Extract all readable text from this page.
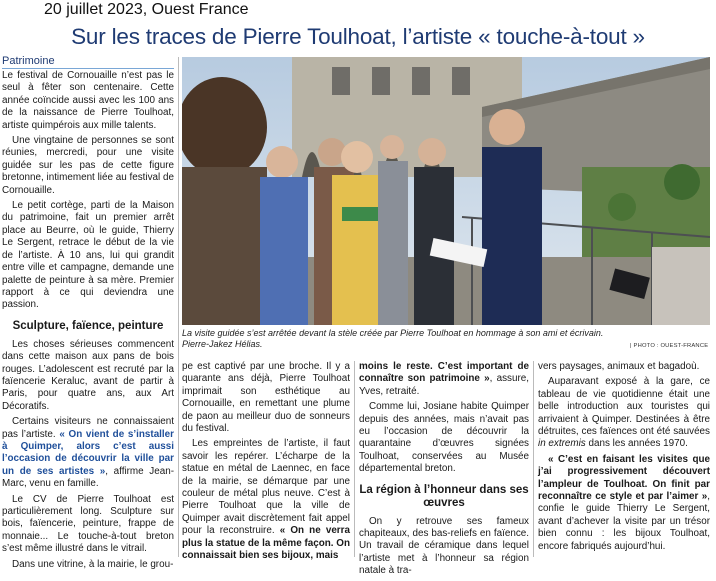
20 juillet 2023, Ouest France
Sur les traces de Pierre Toulhoat, l’artiste « touche-à-tout »
Patrimoine

Le festival de Cornouaille n’est pas le seul à fêter son centenaire. Cette année coïncide aussi avec les 100 ans de la naissance de Pierre Toulhoat, artiste quimpérois aux mille talents.

Une vingtaine de personnes se sont réunies, mercredi, pour une visite guidée sur les pas de cette figure bretonne, intimement liée au festival de Cornouaille.

Le petit cortège, parti de la Maison du patrimoine, fait un premier arrêt place au Beurre, où le guide, Thierry Le Sergent, retrace le début de la vie de l’artiste. À 10 ans, lui qui grandit entre ville et campagne, demande une palette de peinture à sa mère. Premier rapport à ce qui deviendra une passion.

Sculpture, faïence, peinture

Les choses sérieuses commencent dans cette maison aux pans de bois rouges. L’adolescent est recruté par la faïencerie Keraluc, avant de partir à Paris, pour quatre ans, aux Art Décoratifs.

Certains visiteurs ne connaissaient pas l’artiste. « On vient de s’installer à Quimper, alors c’est aussi l’occasion de découvrir la ville par un de ses artistes », affirme Jean-Marc, venu en famille.

Le CV de Pierre Toulhoat est particulièrement long. Sculpture sur bois, faïencerie, peinture, frappe de monnaie... Le touche-à-tout breton s’est même illustré dans le vitrail.

Dans une vitrine, à la mairie, le grou-

La visite guidée s’est arrêtée devant la stèle créée par Pierre Toulhoat en hommage à son ami et écrivain. Pierre-Jakez Hélias.	| PHOTO : OUEST-FRANCE

pe est captivé par une broche. Il y a quarante ans déjà, Pierre Toulhoat imprimait son esthétique au Cornouaille, en remettant une plume de paon au meilleur duo de sonneurs du festival.

Les empreintes de l’artiste, il faut savoir les repérer. L’écharpe de la statue en métal de Laennec, en face de la mairie, se démarque par une couleur de métal plus neuve. C’est à Pierre Toulhoat que la ville de Quimper avait discrètement fait appel pour la reconstruire. « On ne verra plus la statue de la même façon. On connaissait bien ses bijoux, mais

moins le reste. C’est important de connaître son patrimoine », assure, Yves, retraité.

Comme lui, Josiane habite Quimper depuis des années, mais n’avait pas eu l’occasion de découvrir la quarantaine d’œuvres signées Toulhoat, conservées au Musée départemental breton.

La région à l’honneur dans ses œuvres

On y retrouve ses fameux chapiteaux, des bas-reliefs en faïence. Un travail de céramique dans lequel l’artiste met à l’honneur sa région natale à tra-

vers paysages, animaux et bagadoù.

Auparavant exposé à la gare, ce tableau de vie quotidienne était une belle introduction aux touristes qui arrivaient à Quimper. Destinées à être détruites, ces faïences ont été sauvées in extremis dans les années 1970.

« C’est en faisant les visites que j’ai progressivement découvert l’ampleur de Toulhoat. On finit par reconnaître ce style et par l’aimer », confie le guide Thierry Le Sergent, avant d’achever la visite par un trésor bien connu : les bijoux Toulhoat, encore fabriqués aujourd’hui.
